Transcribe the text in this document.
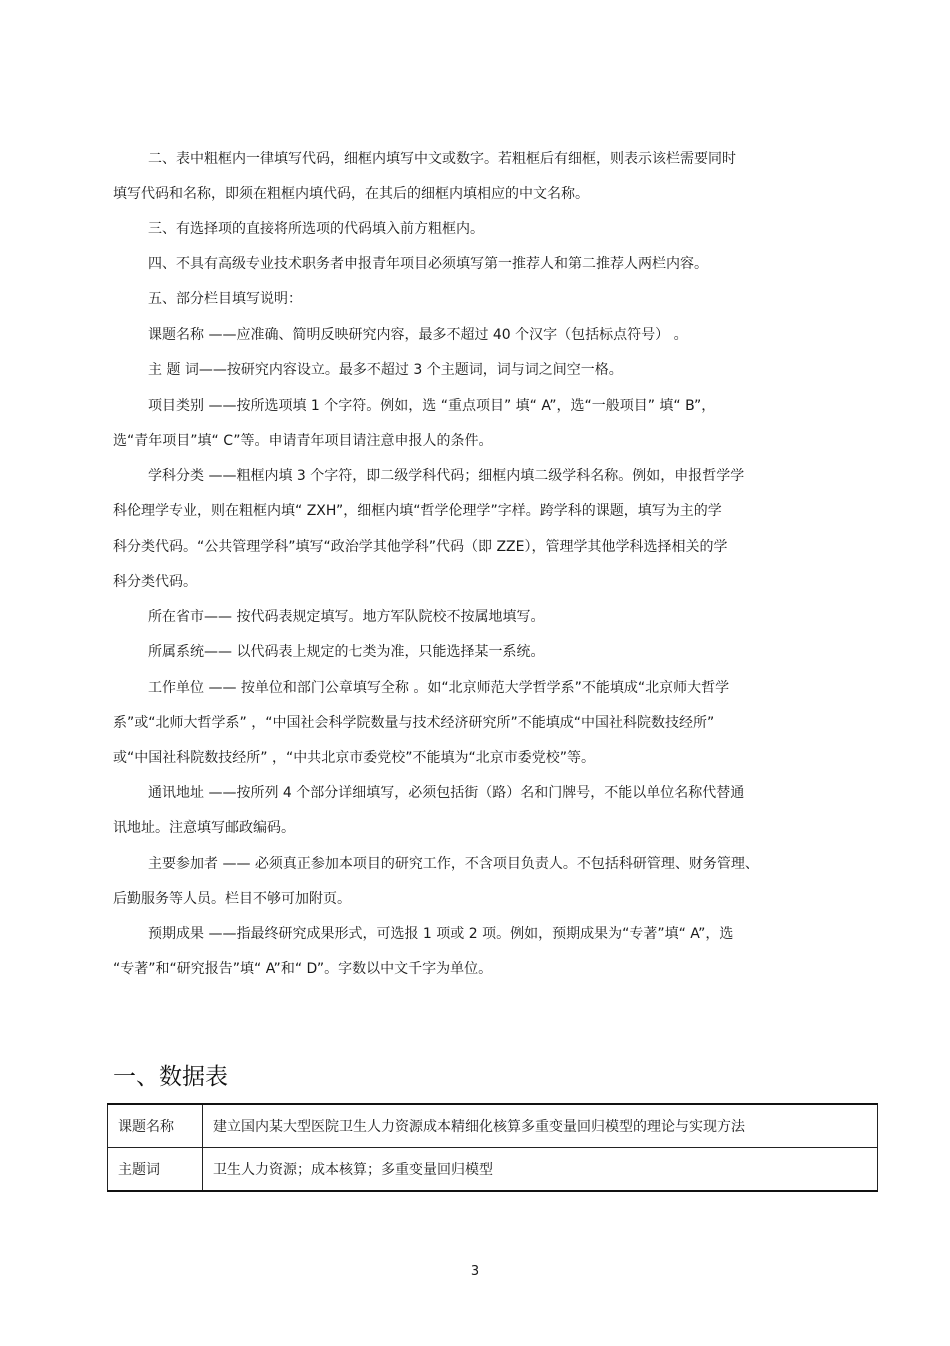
二、表中粗框内一律填写代码，细框内填写中文或数字。若粗框后有细框，则表示该栏需要同时
填写代码和名称，即须在粗框内填代码，在其后的细框内填相应的中文名称。
三、有选择项的直接将所选项的代码填入前方粗框内。
四、不具有高级专业技术职务者申报青年项目必须填写第一推荐人和第二推荐人两栏内容。
五、部分栏目填写说明：
课题名称 ——应准确、简明反映研究内容，最多不超过 40 个汉字（包括标点符号） 。
主 题 词——按研究内容设立。最多不超过 3 个主题词，词与词之间空一格。
项目类别 ——按所选项填 1 个字符。例如，选 “重点项目” 填“ A”，选“一般项目” 填“ B”，
选“青年项目”填“ C”等。申请青年项目请注意申报人的条件。
学科分类 ——粗框内填 3 个字符，即二级学科代码；细框内填二级学科名称。例如，申报哲学学
科伦理学专业，则在粗框内填“ ZXH”，细框内填“哲学伦理学”字样。跨学科的课题，填写为主的学
科分类代码。“公共管理学科”填写“政治学其他学科”代码（即 ZZE），管理学其他学科选择相关的学
科分类代码。
所在省市—— 按代码表规定填写。地方军队院校不按属地填写。
所属系统—— 以代码表上规定的七类为准，只能选择某一系统。
工作单位 —— 按单位和部门公章填写全称 。如“北京师范大学哲学系”不能填成“北京师大哲学
系”或“北师大哲学系” ，“中国社会科学院数量与技术经济研究所”不能填成“中国社科院数技经所”
或“中国社科院数技经所” ，“中共北京市委党校”不能填为“北京市委党校”等。
通讯地址 ——按所列 4 个部分详细填写，必须包括街（路）名和门牌号，不能以单位名称代替通
讯地址。注意填写邮政编码。
主要参加者 —— 必须真正参加本项目的研究工作，不含项目负责人。不包括科研管理、财务管理、
后勤服务等人员。栏目不够可加附页。
预期成果 ——指最终研究成果形式，可选报 1 项或 2 项。例如，预期成果为“专著”填“ A”，选
“专著”和“研究报告”填“ A”和“ D”。字数以中文千字为单位。
一、数据表
课题名称	建立国内某大型医院卫生人力资源成本精细化核算多重变量回归模型的理论与实现方法
主题词	卫生人力资源；成本核算；多重变量回归模型
3
